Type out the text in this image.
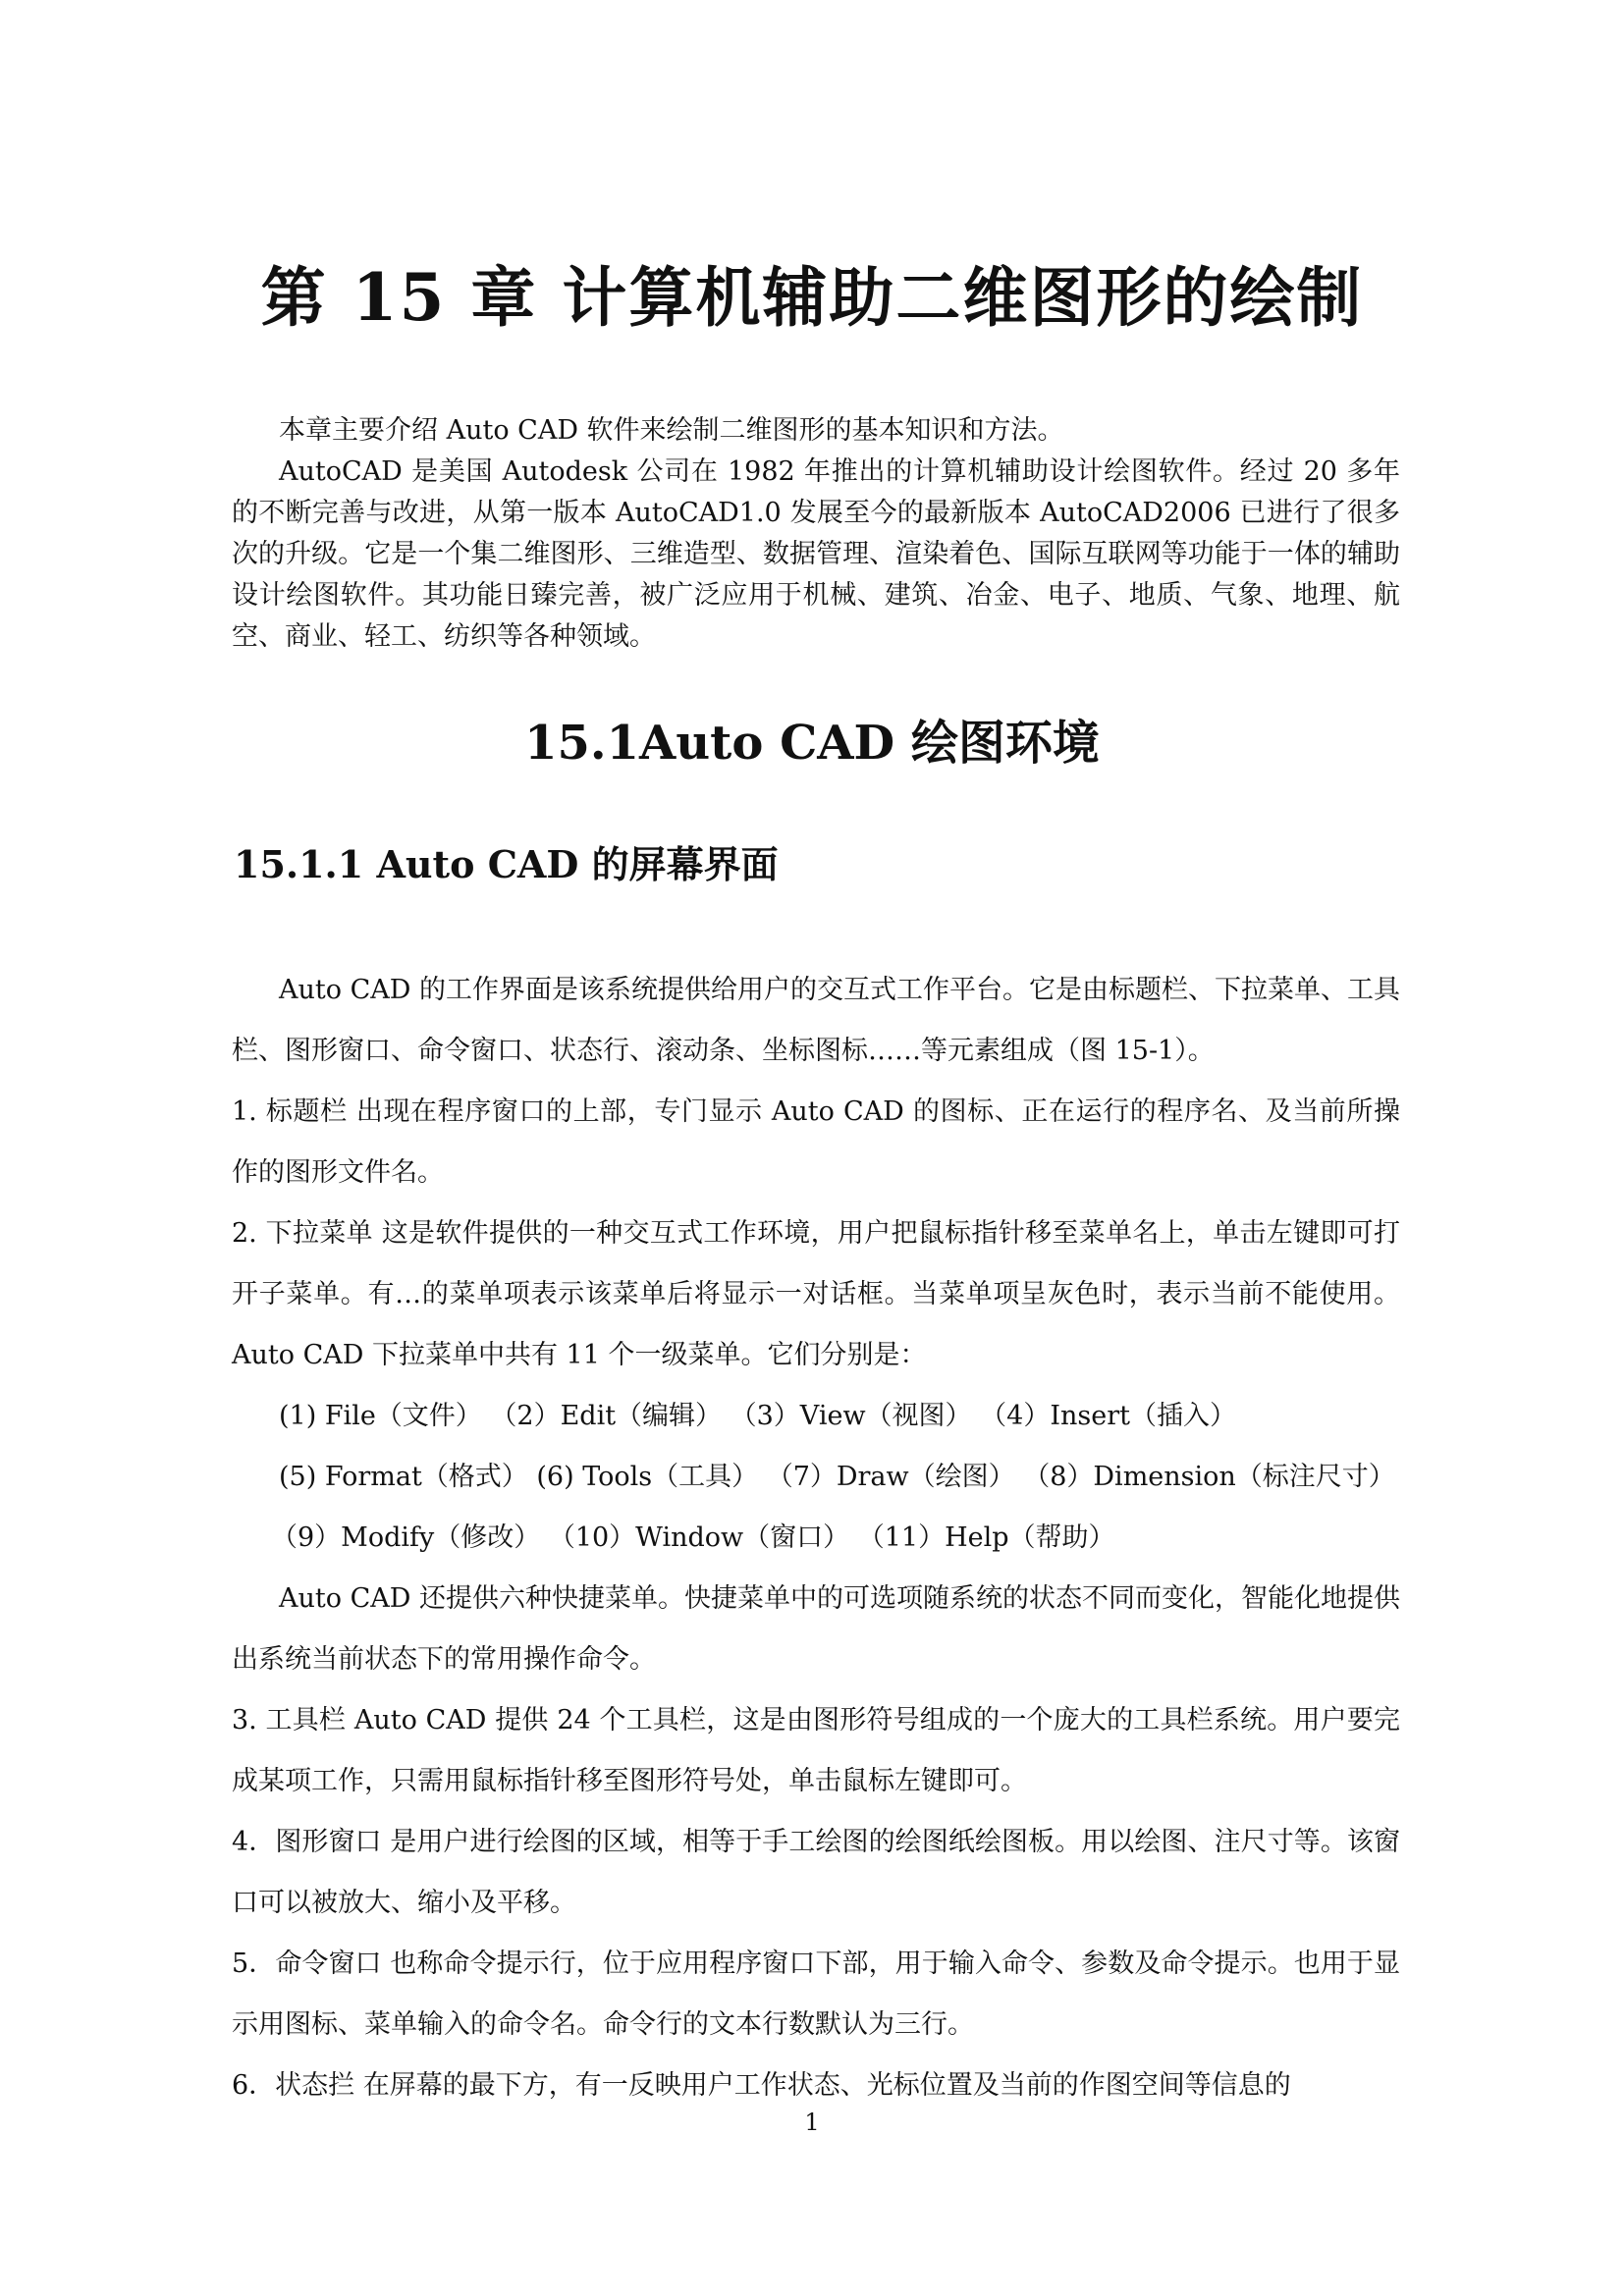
第 15 章 计算机辅助二维图形的绘制

本章主要介绍 Auto CAD 软件来绘制二维图形的基本知识和方法。

AutoCAD 是美国 Autodesk 公司在 1982 年推出的计算机辅助设计绘图软件。经过 20 多年的不断完善与改进，从第一版本 AutoCAD1.0 发展至今的最新版本 AutoCAD2006 已进行了很多次的升级。它是一个集二维图形、三维造型、数据管理、渲染着色、国际互联网等功能于一体的辅助设计绘图软件。其功能日臻完善，被广泛应用于机械、建筑、冶金、电子、地质、气象、地理、航空、商业、轻工、纺织等各种领域。

15.1Auto CAD 绘图环境
15.1.1 Auto CAD 的屏幕界面

Auto CAD 的工作界面是该系统提供给用户的交互式工作平台。它是由标题栏、下拉菜单、工具栏、图形窗口、命令窗口、状态行、滚动条、坐标图标……等元素组成（图 15-1）。

1. 标题栏 出现在程序窗口的上部，专门显示 Auto CAD 的图标、正在运行的程序名、及当前所操作的图形文件名。

2. 下拉菜单 这是软件提供的一种交互式工作环境，用户把鼠标指针移至菜单名上，单击左键即可打开子菜单。有…的菜单项表示该菜单后将显示一对话框。当菜单项呈灰色时，表示当前不能使用。Auto CAD 下拉菜单中共有 11 个一级菜单。它们分别是：

(1) File（文件） （2）Edit（编辑） （3）View（视图） （4）Insert（插入）

(5) Format（格式） (6) Tools（工具） （7）Draw（绘图） （8）Dimension（标注尺寸）

（9）Modify（修改） （10）Window（窗口） （11）Help（帮助）

Auto CAD 还提供六种快捷菜单。快捷菜单中的可选项随系统的状态不同而变化，智能化地提供出系统当前状态下的常用操作命令。

3. 工具栏 Auto CAD 提供 24 个工具栏，这是由图形符号组成的一个庞大的工具栏系统。用户要完成某项工作，只需用鼠标指针移至图形符号处，单击鼠标左键即可。

4．图形窗口 是用户进行绘图的区域，相等于手工绘图的绘图纸绘图板。用以绘图、注尺寸等。该窗口可以被放大、缩小及平移。

5．命令窗口 也称命令提示行，位于应用程序窗口下部，用于输入命令、参数及命令提示。也用于显示用图标、菜单输入的命令名。命令行的文本行数默认为三行。

6．状态拦 在屏幕的最下方，有一反映用户工作状态、光标位置及当前的作图空间等信息的

1
